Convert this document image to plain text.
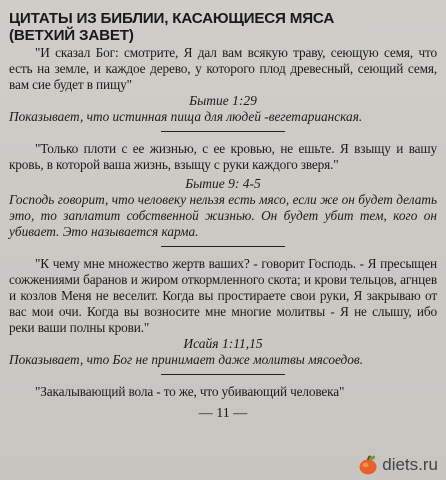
ЦИТАТЫ ИЗ БИБЛИИ, КАСАЮЩИЕСЯ МЯСА
(ВЕТХИЙ ЗАВЕТ)

"И сказал Бог: смотрите, Я дал вам всякую траву, сеющую семя, что есть на земле, и каждое дерево, у которого плод древесный, сеющий семя, вам сие будет в пищу"

Бытие 1:29

Показывает, что истинная пища для людей -вегетарианская.

"Только плоти с ее жизнью, с ее кровью, не ешьте. Я взыщу и вашу кровь, в которой ваша жизнь, взыщу с руки каждого зверя."

Бытие 9: 4-5

Господь говорит, что человеку нельзя есть мясо, если же он будет делать это, то заплатит собственной жизнью. Он будет убит тем, кого он убивает. Это называется карма.

"К чему мне множество жертв ваших? - говорит Господь. - Я пресыщен сожжениями баранов и жиром откормленного скота; и крови тельцов, агнцев и козлов Меня не веселит. Когда вы простираете свои руки, Я закрываю от вас мои очи. Когда вы возносите мне многие молитвы - Я не слышу, ибо реки ваши полны крови."

Исайя 1:11,15

Показывает, что Бог не принимает даже молитвы мясоедов.

"Закалывающий вола - то же, что убивающий человека"

— 11 —
diets.ru
